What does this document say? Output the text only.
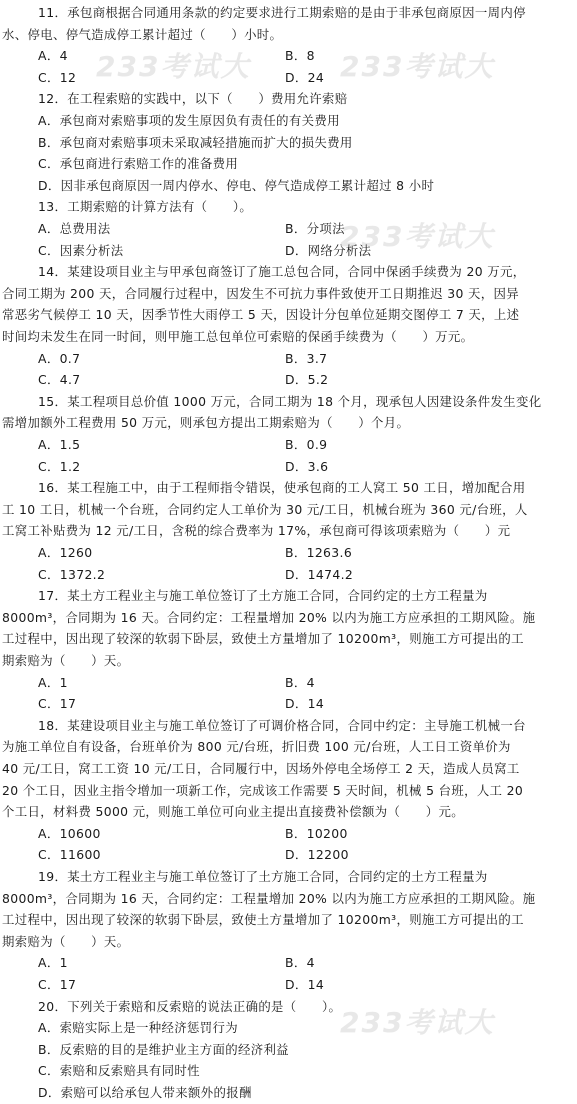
11．承包商根据合同通用条款的约定要求进行工期索赔的是由于非承包商原因一周内停
水、停电、停气造成停工累计超过（　　）小时。
A．4	B．8
C．12	D．24
12．在工程索赔的实践中，以下（　　）费用允许索赔
A．承包商对索赔事项的发生原因负有责任的有关费用
B．承包商对索赔事项未采取减轻措施而扩大的损失费用
C．承包商进行索赔工作的准备费用
D．因非承包商原因一周内停水、停电、停气造成停工累计超过 8 小时
13．工期索赔的计算方法有（　　）。
A．总费用法	B．分项法
C．因素分析法	D．网络分析法
14．某建设项目业主与甲承包商签订了施工总包合同，合同中保函手续费为 20 万元，
合同工期为 200 天，合同履行过程中，因发生不可抗力事件致使开工日期推迟 30 天，因异
常恶劣气候停工 10 天，因季节性大雨停工 5 天，因设计分包单位延期交图停工 7 天，上述
时间均未发生在同一时间，则甲施工总包单位可索赔的保函手续费为（　　）万元。
A．0.7	B．3.7
C．4.7	D．5.2
15．某工程项目总价值 1000 万元，合同工期为 18 个月，现承包人因建设条件发生变化
需增加额外工程费用 50 万元，则承包方提出工期索赔为（　　）个月。
A．1.5	B．0.9
C．1.2	D．3.6
16．某工程施工中，由于工程师指令错误，使承包商的工人窝工 50 工日，增加配合用
工 10 工日，机械一个台班，合同约定人工单价为 30 元/工日，机械台班为 360 元/台班，人
工窝工补贴费为 12 元/工日，含税的综合费率为 17%，承包商可得该项索赔为（　　）元
A．1260	B．1263.6
C．1372.2	D．1474.2
17．某土方工程业主与施工单位签订了土方施工合同，合同约定的土方工程量为
8000m³，合同期为 16 天。合同约定：工程量增加 20% 以内为施工方应承担的工期风险。施
工过程中，因出现了较深的软弱下卧层，致使土方量增加了 10200m³，则施工方可提出的工
期索赔为（　　）天。
A．1	B．4
C．17	D．14
18．某建设项目业主与施工单位签订了可调价格合同，合同中约定：主导施工机械一台
为施工单位自有设备，台班单价为 800 元/台班，折旧费 100 元/台班，人工日工资单价为
40 元/工日，窝工工资 10 元/工日，合同履行中，因场外停电全场停工 2 天，造成人员窝工
20 个工日，因业主指令增加一项新工作，完成该工作需要 5 天时间，机械 5 台班，人工 20
个工日，材料费 5000 元，则施工单位可向业主提出直接费补偿额为（　　）元。
A．10600	B．10200
C．11600	D．12200
19．某土方工程业主与施工单位签订了土方施工合同，合同约定的土方工程量为
8000m³，合同期为 16 天，合同约定：工程量增加 20% 以内为施工方应承担的工期风险。施
工过程中，因出现了较深的软弱下卧层，致使土方量增加了 10200m³，则施工方可提出的工
期索赔为（　　）天。
A．1	B．4
C．17	D．14
20．下列关于索赔和反索赔的说法正确的是（　　）。
A．索赔实际上是一种经济惩罚行为
B．反索赔的目的是维护业主方面的经济利益
C．索赔和反索赔具有同时性
D．索赔可以给承包人带来额外的报酬
233考试大	233考试大
233考试大
233考试大
